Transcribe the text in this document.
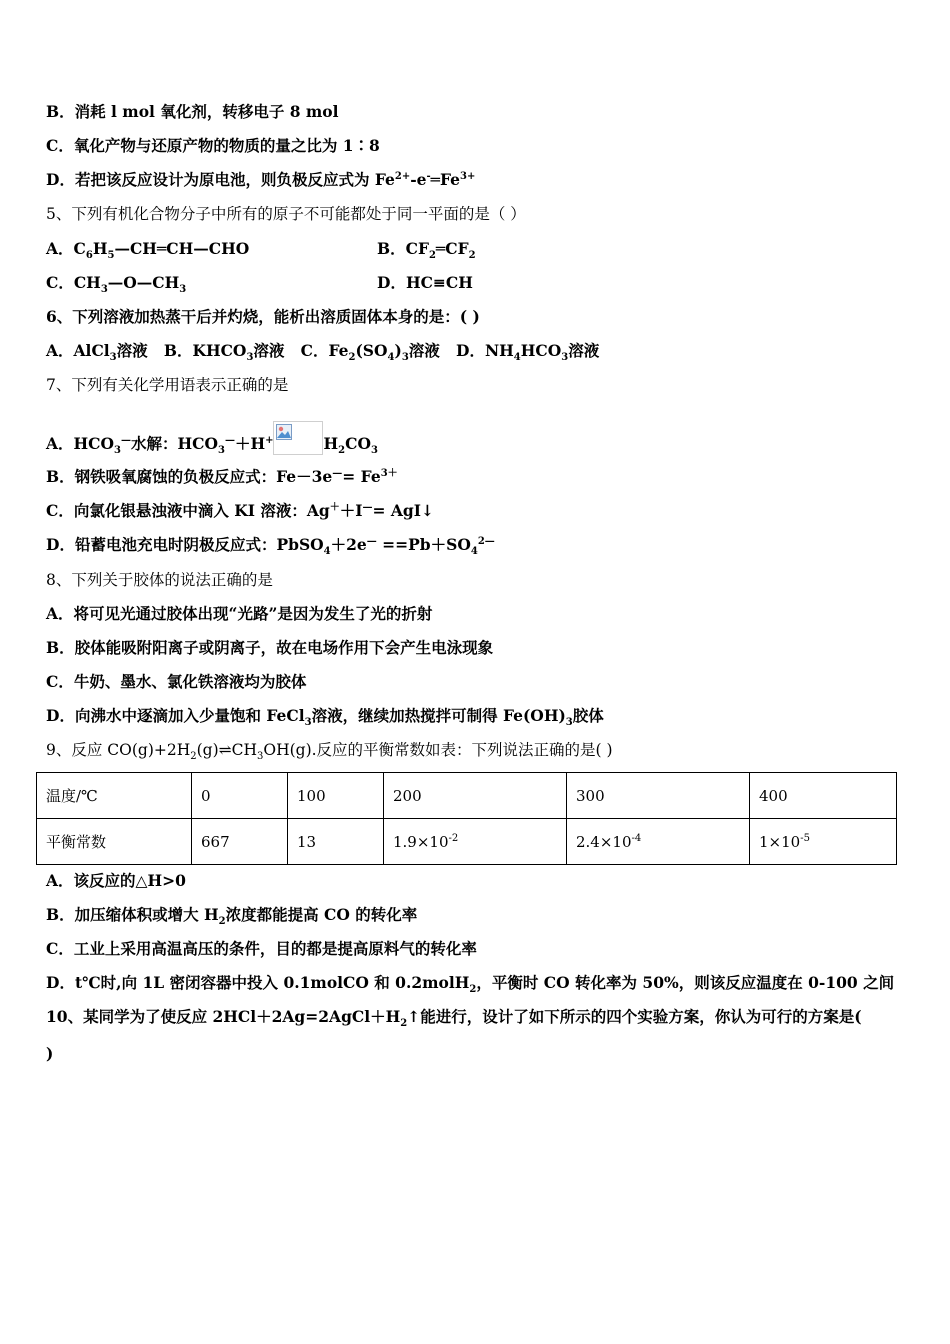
B．消耗 l mol 氧化剂，转移电子 8 mol
C．氧化产物与还原产物的物质的量之比为 1∶8
D．若把该反应设计为原电池，则负极反应式为 $Fe^{2+}-e^-═Fe^{3+}$
5、下列有机化合物分子中所有的原子不可能都处于同一平面的是（ ）
A．$C_6H_5—CH═CH—CHO$	B．$CF_2═CF_2$
C．$CH_3—O—CH_3$	D．HC≡CH
6、下列溶液加热蒸干后并灼烧，能析出溶质固体本身的是：( )
A．AlCl$_3$溶液 B．$KHCO_3$溶液 C．$Fe_2(SO_4)_3$溶液 D．$NH_4HCO_3$溶液
7、下列有关化学用语表示正确的是
A．$HCO_3^—$水解：$HCO_3^—+H^+$	$H_2CO_3$
B．钢铁吸氧腐蚀的负极反应式：$Fe-3e^—= Fe^{3+}$
C．向氯化银悬浊液中滴入 KI 溶液：Ag＋＋I—= AgI↓
D．铅蓄电池充电时阴极反应式：PbSO$_4$＋2e— $==Pb+SO_4^{2—}$
8、下列关于胶体的说法正确的是
A．将可见光通过胶体出现“光路”是因为发生了光的折射
B．胶体能吸附阳离子或阴离子，故在电场作用下会产生电泳现象
C．牛奶、墨水、氯化铁溶液均为胶体
D．向沸水中逐滴加入少量饱和 FeCl$_3$溶液，继续加热搅拌可制得 $Fe(OH)_3$胶体
9、反应 $CO(g)+2H_2(g)\rightleftharpoons CH_3OH(g)$.反应的平衡常数如表：下列说法正确的是( )
温度/℃	0	100	200	300	400
平衡常数	667	13	$1.9\times 10^{-2}$	$2.4\times 10^{-4}$	$1\times 10^{-5}$
A．该反应的△H>0
B．加压缩体积或增大 $H_2$浓度都能提高 CO 的转化率
C．工业上采用高温高压的条件，目的都是提高原料气的转化率
D．t℃时,向 1L 密闭容器中投入 0.1molCO 和 0.2molH$_2$，平衡时 CO 转化率为 50%，则该反应温度在 0-100 之间
10、某同学为了使反应 $2HCl+2Ag=2AgCl+H_2↑$能进行，设计了如下所示的四个实验方案，你认为可行的方案是(
)
